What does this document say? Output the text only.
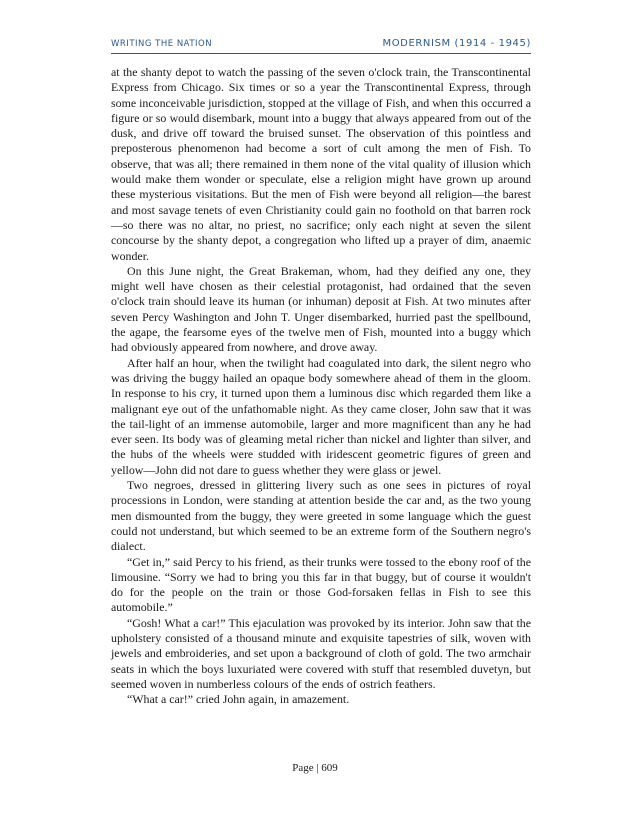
WRITING THE NATION	MODERNISM (1914 - 1945)

at the shanty depot to watch the passing of the seven o'clock train, the Transcontinental Express from Chicago. Six times or so a year the Transcontinental Express, through some inconceivable jurisdiction, stopped at the village of Fish, and when this occurred a figure or so would disembark, mount into a buggy that always appeared from out of the dusk, and drive off toward the bruised sunset. The observation of this pointless and preposterous phenomenon had become a sort of cult among the men of Fish. To observe, that was all; there remained in them none of the vital quality of illusion which would make them wonder or speculate, else a religion might have grown up around these mysterious visitations. But the men of Fish were beyond all religion—the barest and most savage tenets of even Christianity could gain no foothold on that barren rock—so there was no altar, no priest, no sacrifice; only each night at seven the silent concourse by the shanty depot, a congregation who lifted up a prayer of dim, anaemic wonder.

On this June night, the Great Brakeman, whom, had they deified any one, they might well have chosen as their celestial protagonist, had ordained that the seven o'clock train should leave its human (or inhuman) deposit at Fish. At two minutes after seven Percy Washington and John T. Unger disembarked, hurried past the spellbound, the agape, the fearsome eyes of the twelve men of Fish, mounted into a buggy which had obviously appeared from nowhere, and drove away.

After half an hour, when the twilight had coagulated into dark, the silent negro who was driving the buggy hailed an opaque body somewhere ahead of them in the gloom. In response to his cry, it turned upon them a luminous disc which regarded them like a malignant eye out of the unfathomable night. As they came closer, John saw that it was the tail-light of an immense automobile, larger and more magnificent than any he had ever seen. Its body was of gleaming metal richer than nickel and lighter than silver, and the hubs of the wheels were studded with iridescent geometric figures of green and yellow—John did not dare to guess whether they were glass or jewel.

Two negroes, dressed in glittering livery such as one sees in pictures of royal processions in London, were standing at attention beside the car and, as the two young men dismounted from the buggy, they were greeted in some language which the guest could not understand, but which seemed to be an extreme form of the Southern negro's dialect.

“Get in,” said Percy to his friend, as their trunks were tossed to the ebony roof of the limousine. “Sorry we had to bring you this far in that buggy, but of course it wouldn't do for the people on the train or those God-forsaken fellas in Fish to see this automobile.”

“Gosh! What a car!” This ejaculation was provoked by its interior. John saw that the upholstery consisted of a thousand minute and exquisite tapestries of silk, woven with jewels and embroideries, and set upon a background of cloth of gold. The two armchair seats in which the boys luxuriated were covered with stuff that resembled duvetyn, but seemed woven in numberless colours of the ends of ostrich feathers.

“What a car!” cried John again, in amazement.

Page | 609
